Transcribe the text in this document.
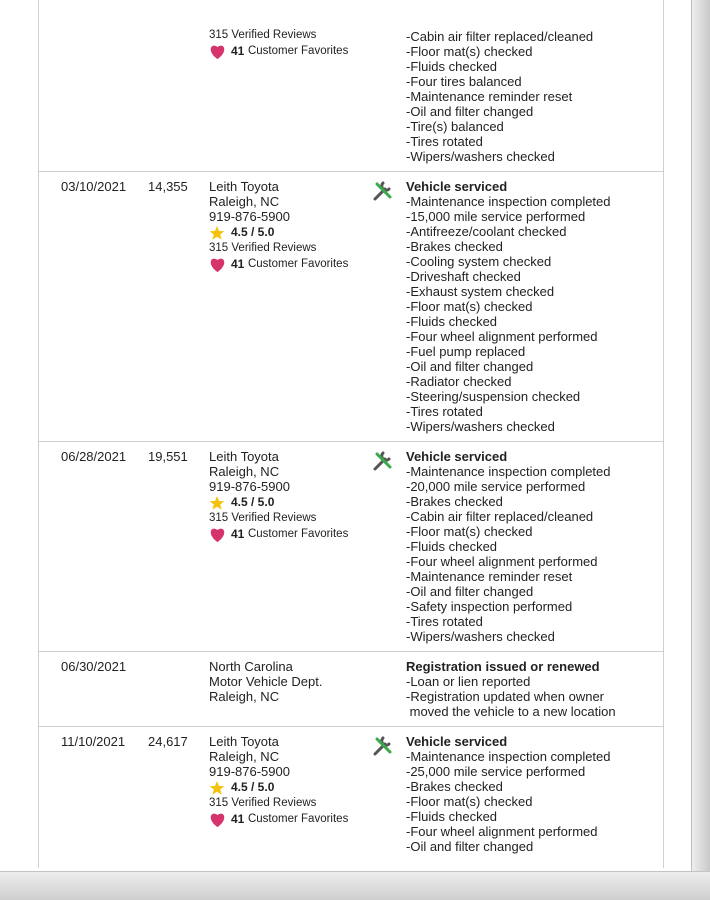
315 Verified Reviews
41
Customer Favorites
-Cabin air filter replaced/cleaned
-Floor mat(s) checked
-Fluids checked
-Four tires balanced
-Maintenance reminder reset
-Oil and filter changed
-Tire(s) balanced
-Tires rotated
-Wipers/washers checked
03/10/2021 14,355 Leith Toyota
Raleigh, NC
919-876-5900
4.5 / 5.0
315 Verified Reviews
41
Customer Favorites
Vehicle serviced
-Maintenance inspection completed
-15,000 mile service performed
-Antifreeze/coolant checked
-Brakes checked
-Cooling system checked
-Driveshaft checked
-Exhaust system checked
-Floor mat(s) checked
-Fluids checked
-Four wheel alignment performed
-Fuel pump replaced
-Oil and filter changed
-Radiator checked
-Steering/suspension checked
-Tires rotated
-Wipers/washers checked
06/28/2021 19,551 Leith Toyota
Raleigh, NC
919-876-5900
4.5 / 5.0
315 Verified Reviews
41
Customer Favorites
Vehicle serviced
-Maintenance inspection completed
-20,000 mile service performed
-Brakes checked
-Cabin air filter replaced/cleaned
-Floor mat(s) checked
-Fluids checked
-Four wheel alignment performed
-Maintenance reminder reset
-Oil and filter changed
-Safety inspection performed
-Tires rotated
-Wipers/washers checked
06/30/2021	North Carolina
Motor Vehicle Dept.
Raleigh, NC
Registration issued or renewed
-Loan or lien reported
-Registration updated when owner
moved the vehicle to a new location
11/10/2021 24,617 Leith Toyota
Raleigh, NC
919-876-5900
4.5 / 5.0
315 Verified Reviews
41
Customer Favorites
Vehicle serviced
-Maintenance inspection completed
-25,000 mile service performed
-Brakes checked
-Floor mat(s) checked
-Fluids checked
-Four wheel alignment performed
-Oil and filter changed
